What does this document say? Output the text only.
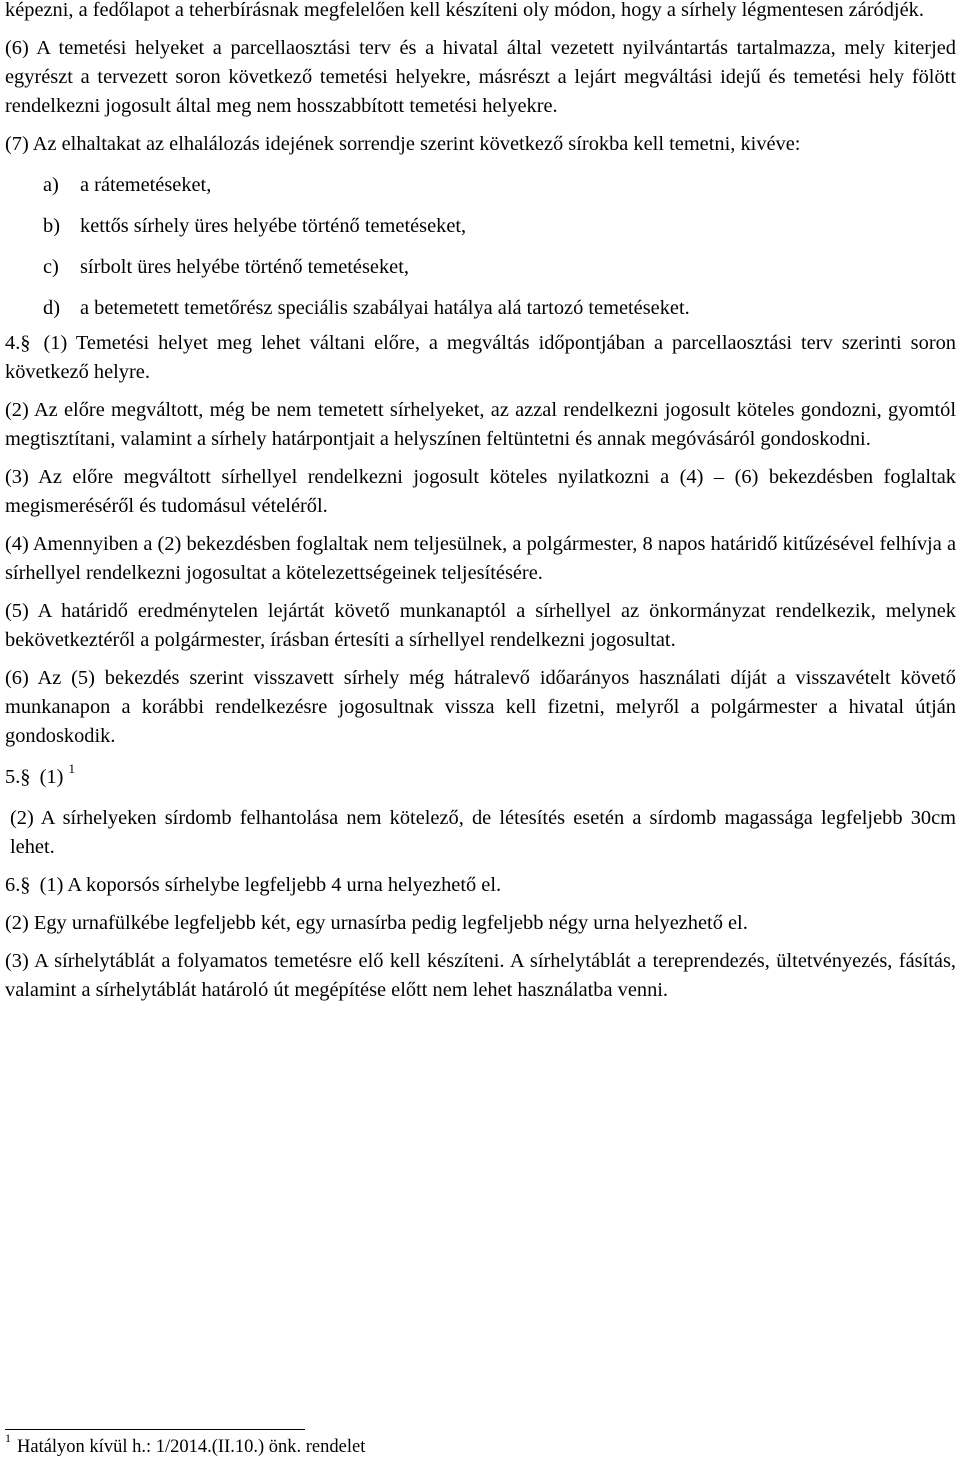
képezni, a fedőlapot a teherbírásnak megfelelően kell készíteni oly módon, hogy a sírhely légmentesen záródjék.

(6) A temetési helyeket a parcellaosztási terv és a hivatal által vezetett nyilvántartás tartalmazza, mely kiterjed egyrészt a tervezett soron következő temetési helyekre, másrészt a lejárt megváltási idejű és temetési hely fölött rendelkezni jogosult által meg nem hosszabbított temetési helyekre.

(7) Az elhaltakat az elhalálozás idejének sorrendje szerint következő sírokba kell temetni, kivéve:

a)	a rátemetéseket,
b) kettős sírhely üres helyébe történő temetéseket,
c)	sírbolt üres helyébe történő temetéseket,
d) a betemetett temetőrész speciális szabályai hatálya alá tartozó temetéseket.

4.§ (1) Temetési helyet meg lehet váltani előre, a megváltás időpontjában a parcellaosztási terv szerinti soron következő helyre.

(2) Az előre megváltott, még be nem temetett sírhelyeket, az azzal rendelkezni jogosult köteles gondozni, gyomtól megtisztítani, valamint a sírhely határpontjait a helyszínen feltüntetni és annak megóvásáról gondoskodni.

(3) Az előre megváltott sírhellyel rendelkezni jogosult köteles nyilatkozni a (4) – (6) bekezdésben foglaltak megismeréséről és tudomásul vételéről.

(4) Amennyiben a (2) bekezdésben foglaltak nem teljesülnek, a polgármester, 8 napos határidő kitűzésével felhívja a sírhellyel rendelkezni jogosultat a kötelezettségeinek teljesítésére.

(5) A határidő eredménytelen lejártát követő munkanaptól a sírhellyel az önkormányzat rendelkezik, melynek bekövetkeztéről a polgármester, írásban értesíti a sírhellyel rendelkezni jogosultat.

(6) Az (5) bekezdés szerint visszavett sírhely még hátralevő időarányos használati díját a visszavételt követő munkanapon a korábbi rendelkezésre jogosultnak vissza kell fizetni, melyről a polgármester a hivatal útján gondoskodik.

5.§ (1) $^1$

(2) A sírhelyeken sírdomb felhantolása nem kötelező, de létesítés esetén a sírdomb magassága legfeljebb 30cm lehet.

6.§ (1) A koporsós sírhelybe legfeljebb 4 urna helyezhető el.

(2) Egy urnafülkébe legfeljebb két, egy urnasírba pedig legfeljebb négy urna helyezhető el.

(3) A sírhelytáblát a folyamatos temetésre elő kell készíteni. A sírhelytáblát a tereprendezés, ültetvényezés, fásítás, valamint a sírhelytáblát határoló út megépítése előtt nem lehet használatba venni.

$^1$ Hatályon kívül h.: 1/2014.(II.10.) önk. rendelet
